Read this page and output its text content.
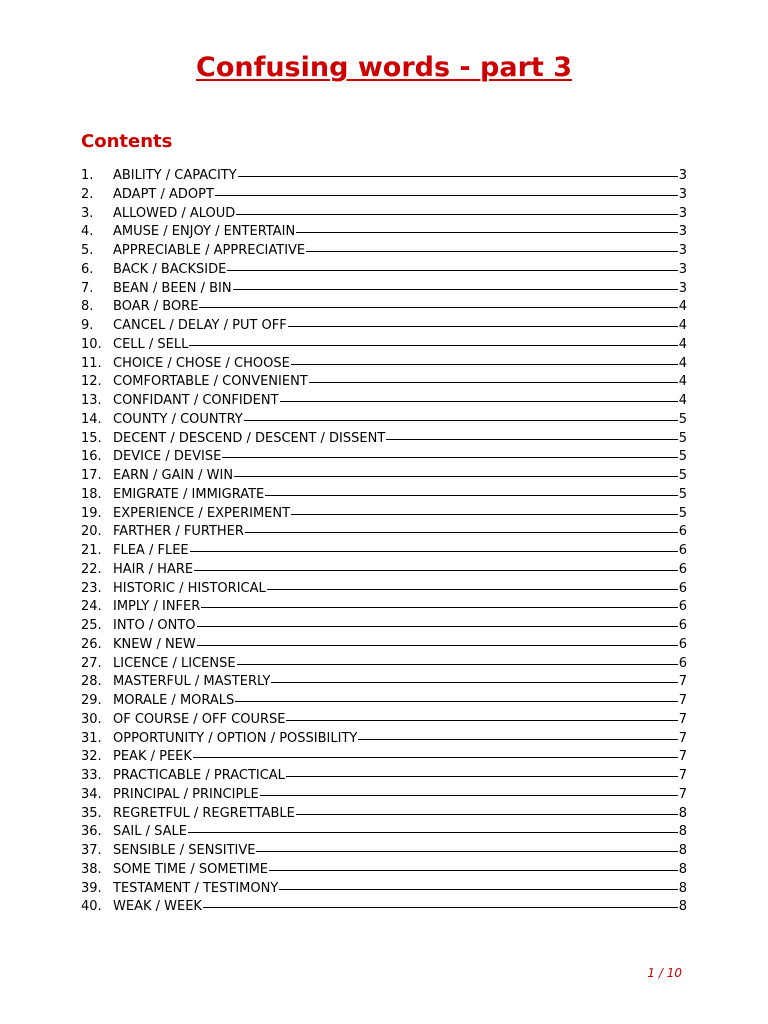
Confusing words - part 3
Contents
1.	ABILITY / CAPACITY	3
2.	ADAPT / ADOPT	3
3.	ALLOWED / ALOUD	3
4.	AMUSE / ENJOY / ENTERTAIN	3
5.	APPRECIABLE / APPRECIATIVE	3
6.	BACK / BACKSIDE	3
7.	BEAN / BEEN / BIN	3
8.	BOAR / BORE	4
9.	CANCEL / DELAY / PUT OFF	4
10. CELL / SELL	4
11. CHOICE / CHOSE / CHOOSE	4
12. COMFORTABLE / CONVENIENT	4
13. CONFIDANT / CONFIDENT	4
14. COUNTY / COUNTRY	5
15. DECENT / DESCEND / DESCENT / DISSENT	5
16. DEVICE / DEVISE	5
17. EARN / GAIN / WIN	5
18. EMIGRATE / IMMIGRATE	5
19. EXPERIENCE / EXPERIMENT	5
20. FARTHER / FURTHER	6
21. FLEA / FLEE	6
22. HAIR / HARE	6
23. HISTORIC / HISTORICAL	6
24. IMPLY / INFER	6
25. INTO / ONTO	6
26. KNEW / NEW	6
27. LICENCE / LICENSE	6
28. MASTERFUL / MASTERLY	7
29. MORALE / MORALS	7
30. OF COURSE / OFF COURSE	7
31. OPPORTUNITY / OPTION / POSSIBILITY	7
32. PEAK / PEEK	7
33. PRACTICABLE / PRACTICAL	7
34. PRINCIPAL / PRINCIPLE	7
35. REGRETFUL / REGRETTABLE	8
36. SAIL / SALE	8
37. SENSIBLE / SENSITIVE	8
38. SOME TIME / SOMETIME	8
39. TESTAMENT / TESTIMONY	8
40. WEAK / WEEK	8
1 / 10
